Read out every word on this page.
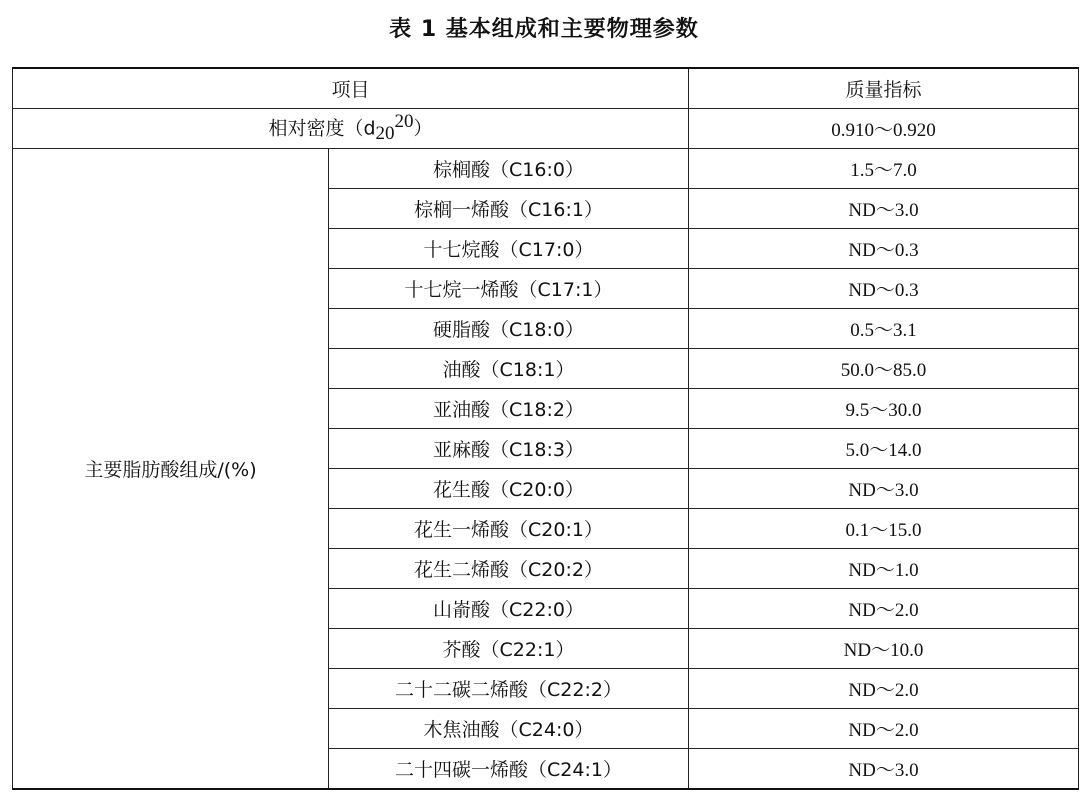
表 1 基本组成和主要物理参数
项目		质量指标
相对密度$(d_{20}^{20})$		0.910～0.920
主要脂肪酸组成/(%)	棕榈酸（C16:0）	1.5～7.0
	棕榈一烯酸（C16:1）	ND～3.0
	十七烷酸（C17:0）	ND～0.3
	十七烷一烯酸（C17:1）	ND～0.3
	硬脂酸（C18:0）	0.5～3.1
	油酸（C18:1）	50.0～85.0
	亚油酸（C18:2）	9.5～30.0
	亚麻酸（C18:3）	5.0～14.0
	花生酸（C20:0）	ND～3.0
	花生一烯酸（C20:1）	0.1～15.0
	花生二烯酸（C20:2）	ND～1.0
	山嵛酸（C22:0）	ND～2.0
	芥酸（C22:1）	ND～10.0
	二十二碳二烯酸（C22:2）	ND～2.0
	木焦油酸（C24:0）	ND～2.0
	二十四碳一烯酸（C24:1）	ND～3.0
